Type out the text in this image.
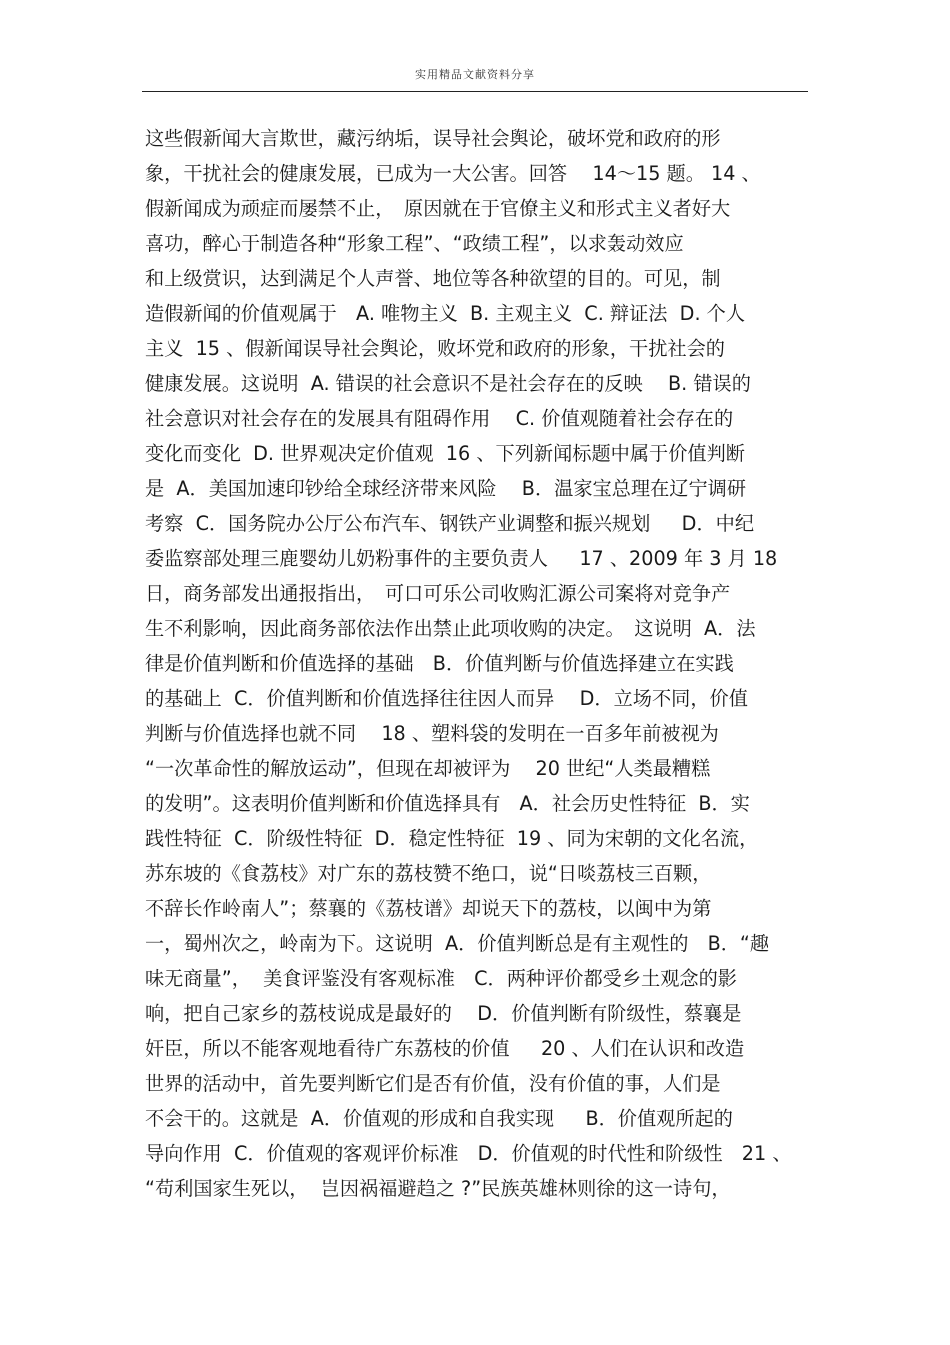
实用精品文献资料分享
这些假新闻大言欺世，藏污纳垢，误导社会舆论，破坏党和政府的形
象，干扰社会的健康发展，已成为一大公害。回答　 14～15 题。 14 、
假新闻成为顽症而屡禁不止，　原因就在于官僚主义和形式主义者好大
喜功，醉心于制造各种“形象工程”、“政绩工程”，以求轰动效应
和上级赏识，达到满足个人声誉、地位等各种欲望的目的。可见，制
造假新闻的价值观属于　A. 唯物主义  B. 主观主义  C. 辩证法  D. 个人
主义  15 、假新闻误导社会舆论，败坏党和政府的形象，干扰社会的
健康发展。这说明  A. 错误的社会意识不是社会存在的反映　 B. 错误的
社会意识对社会存在的发展具有阻碍作用　 C. 价值观随着社会存在的
变化而变化  D. 世界观决定价值观  16 、下列新闻标题中属于价值判断
是  A．美国加速印钞给全球经济带来风险　 B．温家宝总理在辽宁调研
考察  C．国务院办公厅公布汽车、钢铁产业调整和振兴规划　  D．中纪
委监察部处理三鹿婴幼儿奶粉事件的主要负责人　  17 、2009 年 3 月 18
日，商务部发出通报指出，　可口可乐公司收购汇源公司案将对竞争产
生不利影响，因此商务部依法作出禁止此项收购的决定。　这说明  A．法
律是价值判断和价值选择的基础　B．价值判断与价值选择建立在实践
的基础上  C．价值判断和价值选择往往因人而异　 D．立场不同，价值
判断与价值选择也就不同　 18 、塑料袋的发明在一百多年前被视为
“一次革命性的解放运动”，但现在却被评为　 20 世纪“人类最糟糕
的发明”。这表明价值判断和价值选择具有　A．社会历史性特征  B．实
践性特征  C．阶级性特征  D．稳定性特征  19 、同为宋朝的文化名流，
苏东坡的《食荔枝》对广东的荔枝赞不绝口，说“日啖荔枝三百颗，
不辞长作岭南人”；蔡襄的《荔枝谱》却说天下的荔枝，以闽中为第
一，蜀州次之，岭南为下。这说明  A．价值判断总是有主观性的　B．“趣
味无商量”，  美食评鉴没有客观标准　C．两种评价都受乡土观念的影
响，把自己家乡的荔枝说成是最好的　 D．价值判断有阶级性，蔡襄是
奸臣，所以不能客观地看待广东荔枝的价值　  20 、人们在认识和改造
世界的活动中，首先要判断它们是否有价值，没有价值的事，人们是
不会干的。这就是  A．价值观的形成和自我实现　  B．价值观所起的
导向作用  C．价值观的客观评价标准　D．价值观的时代性和阶级性　21 、
“苟利国家生死以，  岂因祸福避趋之 ?”民族英雄林则徐的这一诗句，
